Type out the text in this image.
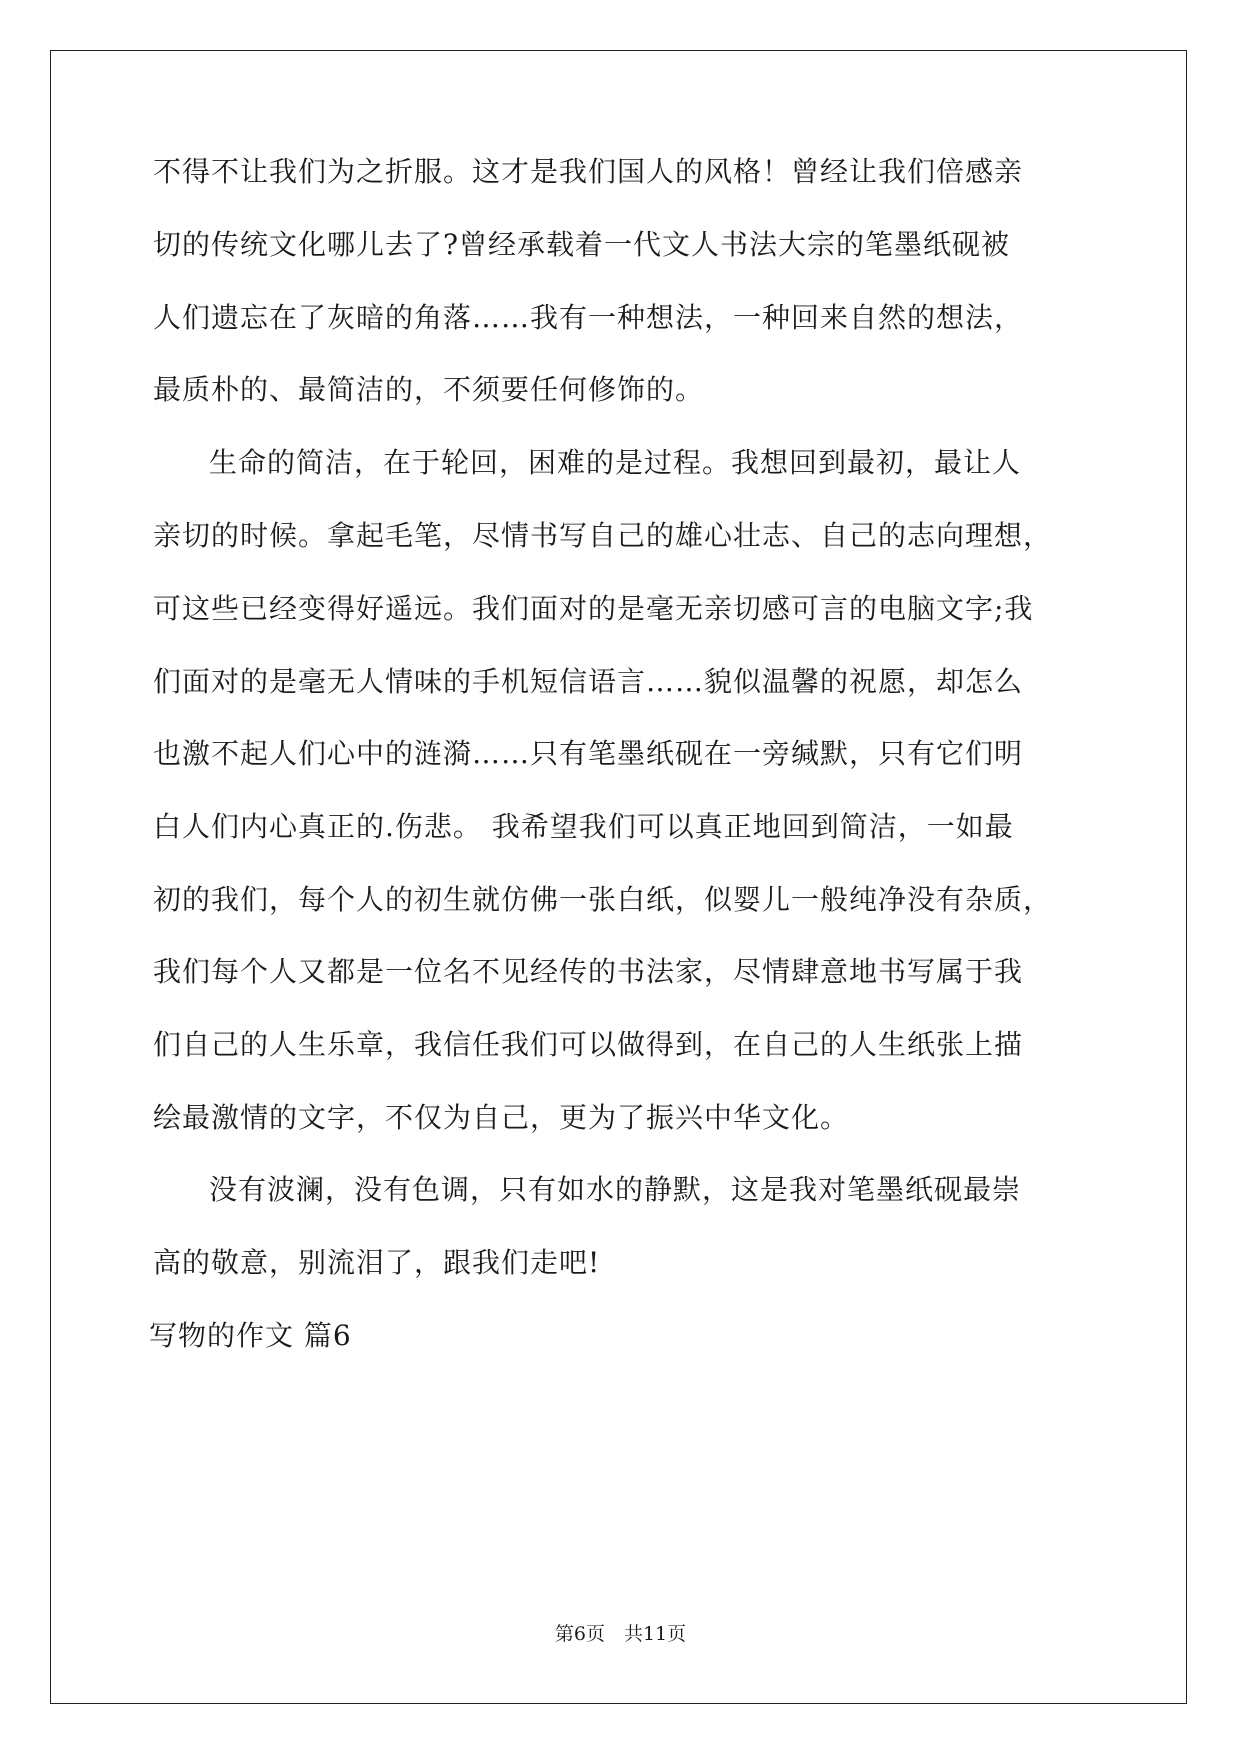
不得不让我们为之折服。这才是我们国人的风格！曾经让我们倍感亲
切的传统文化哪儿去了?曾经承载着一代文人书法大宗的笔墨纸砚被
人们遗忘在了灰暗的角落……我有一种想法，一种回来自然的想法，
最质朴的、最简洁的，不须要任何修饰的。
生命的简洁，在于轮回，困难的是过程。我想回到最初，最让人
亲切的时候。拿起毛笔，尽情书写自己的雄心壮志、自己的志向理想，
可这些已经变得好遥远。我们面对的是毫无亲切感可言的电脑文字;我
们面对的是毫无人情味的手机短信语言……貌似温馨的祝愿，却怎么
也激不起人们心中的涟漪……只有笔墨纸砚在一旁缄默，只有它们明
白人们内心真正的.伤悲。 我希望我们可以真正地回到简洁，一如最
初的我们，每个人的初生就仿佛一张白纸，似婴儿一般纯净没有杂质，
我们每个人又都是一位名不见经传的书法家，尽情肆意地书写属于我
们自己的人生乐章，我信任我们可以做得到，在自己的人生纸张上描
绘最激情的文字，不仅为自己，更为了振兴中华文化。
没有波澜，没有色调，只有如水的静默，这是我对笔墨纸砚最崇
高的敬意，别流泪了，跟我们走吧!
写物的作文 篇6
第6页　共11页
